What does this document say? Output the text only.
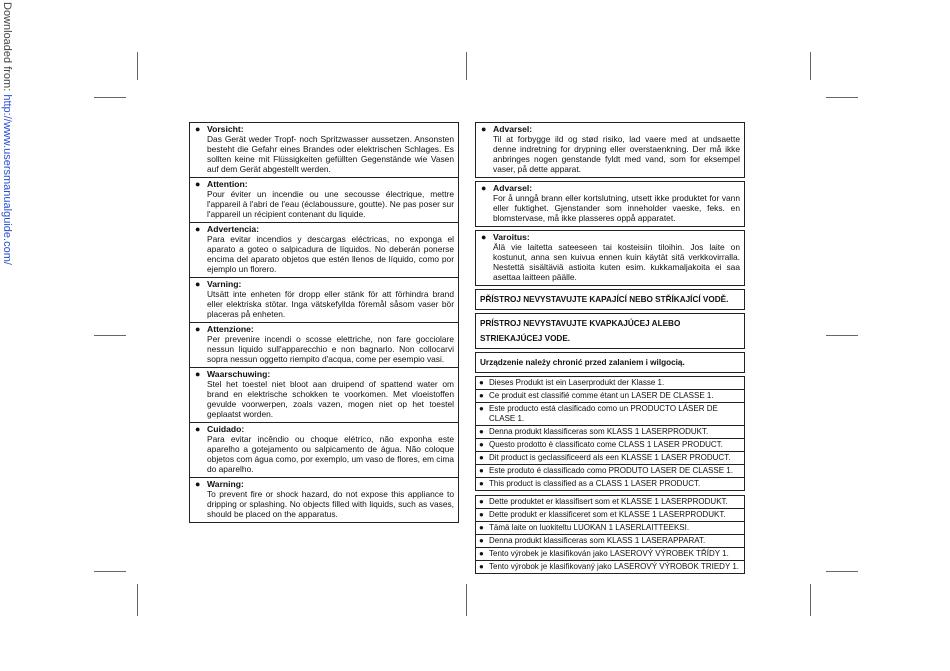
Downloaded from: http://www.usersmanualguide.com/	● Vorsicht:
Das Gerät weder Tropf- noch Spritzwasser aussetzen. Ansonsten besteht die Gefahr eines Brandes oder elektrischen Schlages. Es sollten keine mit Flüssigkeiten gefüllten Gegenstände wie Vasen auf dem Gerät abgestellt werden.
● Attention:
Pour éviter un incendie ou une secousse électrique, mettre l'appareil à l'abri de l'eau (éclaboussure, goutte). Ne pas poser sur l'appareil un récipient contenant du liquide.
● Advertencia:
Para evitar incendios y descargas eléctricas, no exponga el aparato a goteo o salpicadura de líquidos. No deberán ponerse encima del aparato objetos que estén llenos de líquido, como por ejemplo un florero.
● Varning:
Utsätt inte enheten för dropp eller stänk för att förhindra brand eller elektriska stötar. Inga vätskefyllda föremål såsom vaser bör placeras på enheten.
● Attenzione:
Per prevenire incendi o scosse elettriche, non fare gocciolare nessun liquido sull'apparecchio e non bagnarlo. Non collocarvi sopra nessun oggetto riempito d'acqua, come per esempio vasi.
● Waarschuwing:
Stel het toestel niet bloot aan druipend of spattend water om brand en elektrische schokken te voorkomen. Met vloeistoffen gevulde voorwerpen, zoals vazen, mogen niet op het toestel geplaatst worden.
● Cuidado:
Para evitar incêndio ou choque elétrico, não exponha este aparelho a gotejamento ou salpicamento de água. Não coloque objetos com água como, por exemplo, um vaso de flores, em cima do aparelho.
● Warning:
To prevent fire or shock hazard, do not expose this appliance to dripping or splashing. No objects filled with liquids, such as vases, should be placed on the apparatus.
● Advarsel:
Til at forbygge ild og stød risiko, lad vaere med at undsaette denne indretning for drypning eller overstaenkning. Der må ikke anbringes nogen genstande fyldt med vand, som for eksempel vaser, på dette apparat.
● Advarsel:
For å unngå brann eller kortslutning, utsett ikke produktet for vann eller fuktighet. Gjenstander som inneholder vaeske, feks. en blomstervase, må ikke plasseres oppå apparatet.
● Varoitus:
Älä vie laitetta sateeseen tai kosteisiin tiloihin. Jos laite on kostunut, anna sen kuivua ennen kuin käytät sitä verkkovirralla. Nestettä sisältäviä astioita kuten esim. kukkamaljakoita ei saa asettaa laitteen päälle.
PŘÍSTROJ NEVYSTAVUJTE KAPAJÍCÍ NEBO STŘÍKAJÍCÍ VODĚ.
PRÍSTROJ NEVYSTAVUJTE KVAPKAJÚCEJ ALEBO STRIEKAJÚCEJ VODE.
Urządzenie należy chronić przed zalaniem i wilgocią.
● Dieses Produkt ist ein Laserprodukt der Klasse 1.
● Ce produit est classifié comme étant un LASER DE CLASSE 1.
● Este producto está clasificado como un PRODUCTO LÁSER DE CLASE 1.
● Denna produkt klassificeras som KLASS 1 LASERPRODUKT.
● Questo prodotto è classificato come CLASS 1 LASER PRODUCT.
● Dit product is geclassificeerd als een KLASSE 1 LASER PRODUCT.
● Este produto é classificado como PRODUTO LASER DE CLASSE 1.
● This product is classified as a CLASS 1 LASER PRODUCT.
● Dette produktet er klassifisert som et KLASSE 1 LASERPRODUKT.
● Dette produkt er klassificeret som et KLASSE 1 LASERPRODUKT.
● Tämä laite on luokiteltu LUOKAN 1 LASERLAITTEEKSI.
● Denna produkt klassificeras som KLASS 1 LASERAPPARAT.
● Tento výrobek je klasifikován jako LASEROVÝ VÝROBEK TŘÍDY 1.
● Tento výrobok je klasifikovaný jako LASEROVÝ VÝROBOK TRIEDY 1.
